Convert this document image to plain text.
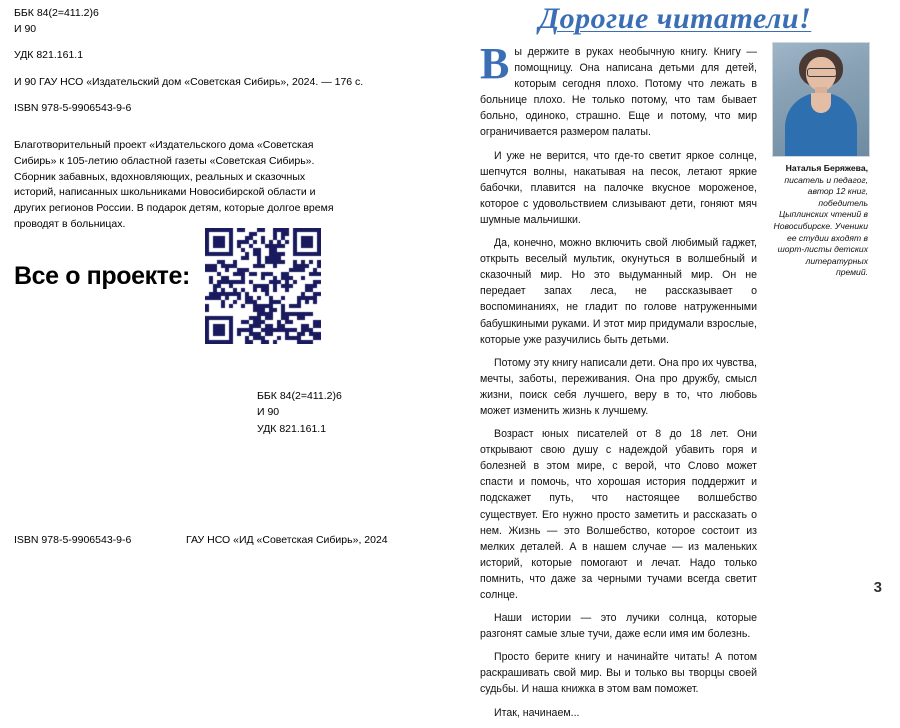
ББК 84(2=411.2)6
И 90
УДК 821.161.1
И 90 ГАУ НСО «Издательский дом «Советская Сибирь», 2024. — 176 с.
ISBN 978-5-9906543-9-6
Благотворительный проект «Издательского дома «Советская Сибирь» к 105-летию областной газеты «Советская Сибирь». Сборник забавных, вдохновляющих, реальных и сказочных историй, написанных школьниками Новосибирской области и других регионов России. В подарок детям, которые долгое время проводят в больницах.
Все о проекте:
ББК 84(2=411.2)6
И 90
УДК 821.161.1
ISBN 978-5-9906543-9-6	ГАУ НСО «ИД «Советская Сибирь», 2024
Дорогие читатели!

Вы держите в руках необычную книгу. Книгу — помощницу. Она написана детьми для детей, которым сегодня плохо. Потому что лежать в больнице плохо. Не только потому, что там бывает больно, одиноко, страшно. Еще и потому, что мир ограничивается размером палаты.

И уже не верится, что где-то светит яркое солнце, шепчутся волны, накатывая на песок, летают яркие бабочки, плавится на палочке вкусное мороженое, которое с удовольствием слизывают дети, гоняют мяч шумные мальчишки.

Да, конечно, можно включить свой любимый гаджет, открыть веселый мультик, окунуться в волшебный и сказочный мир. Но это выдуманный мир. Он не передает запах леса, не рассказывает о воспоминаниях, не гладит по голове натруженными бабушкиными руками. И этот мир придумали взрослые, которые уже разучились быть детьми.

Потому эту книгу написали дети. Она про их чувства, мечты, заботы, переживания. Она про дружбу, смысл жизни, поиск себя лучшего, веру в то, что любовь может изменить жизнь к лучшему.

Возраст юных писателей от 8 до 18 лет. Они открывают свою душу с надеждой убавить горя и болезней в этом мире, с верой, что Слово может спасти и помочь, что хорошая история поддержит и подскажет путь, что настоящее волшебство существует. Его нужно просто заметить и рассказать о нем. Жизнь — это Волшебство, которое состоит из мелких деталей. А в нашем случае — из маленьких историй, которые помогают и лечат. Надо только помнить, что даже за черными тучами всегда светит солнце.

Наши истории — это лучики солнца, которые разгонят самые злые тучи, даже если имя им болезнь.

Просто берите книгу и начинайте читать! А потом раскрашивать свой мир. Вы и только вы творцы своей судьбы. И наша книжка в этом вам поможет.

Итак, начинаем...

Наталья Беряжева,
писатель и педагог, автор 12 книг, победитель Цыплинских чтений в Новосибирске. Ученики ее студии входят в шорт-листы детских литературных премий.
3
